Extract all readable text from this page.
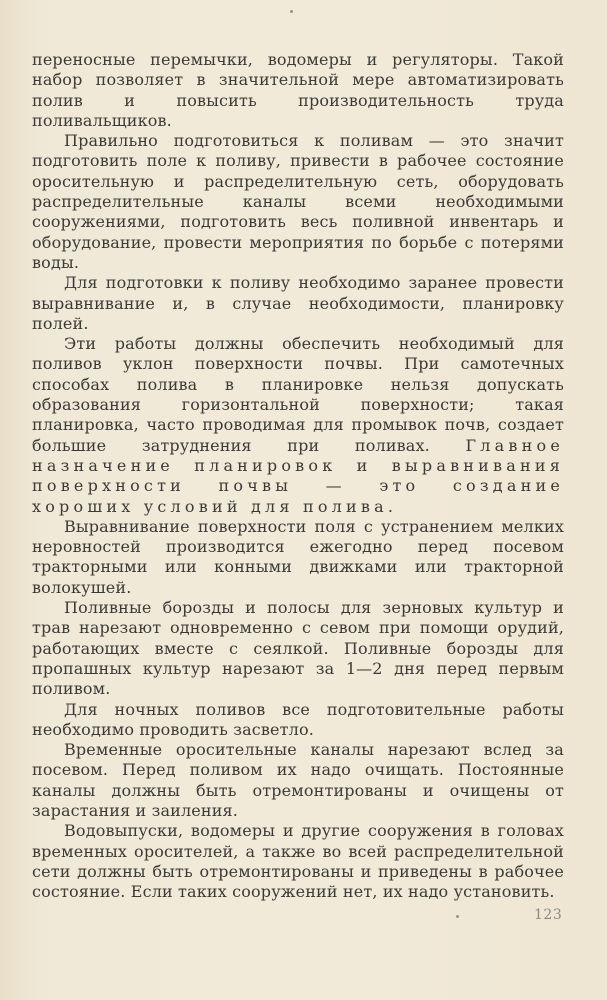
переносные перемычки, водомеры и регуляторы. Такой набор позволяет в значительной мере автоматизировать полив и повысить производительность труда поливальщиков.

Правильно подготовиться к поливам — это значит подготовить поле к поливу, привести в рабочее состояние оросительную и распределительную сеть, оборудовать распределительные каналы всеми необходимыми сооружениями, подготовить весь поливной инвентарь и оборудование, провести мероприятия по борьбе с потерями воды.

Для подготовки к поливу необходимо заранее провести выравнивание и, в случае необходимости, планировку полей.

Эти работы должны обеспечить необходимый для поливов уклон поверхности почвы. При самотечных способах полива в планировке нельзя допускать образования горизонтальной поверхности; такая планировка, часто проводимая для промывок почв, создает большие затруднения при поливах. Главное назначение планировок и выравнивания поверхности почвы — это создание хороших условий для полива.

Выравнивание поверхности поля с устранением мелких неровностей производится ежегодно перед посевом тракторными или конными движками или тракторной волокушей.

Поливные борозды и полосы для зерновых культур и трав нарезают одновременно с севом при помощи орудий, работающих вместе с сеялкой. Поливные борозды для пропашных культур нарезают за 1—2 дня перед первым поливом.

Для ночных поливов все подготовительные работы необходимо проводить засветло.

Временные оросительные каналы нарезают вслед за посевом. Перед поливом их надо очищать. Постоянные каналы должны быть отремонтированы и очищены от зарастания и заиления.

Водовыпуски, водомеры и другие сооружения в головах временных оросителей, а также во всей распределительной сети должны быть отремонтированы и приведены в рабочее состояние. Если таких сооружений нет, их надо установить.

123
